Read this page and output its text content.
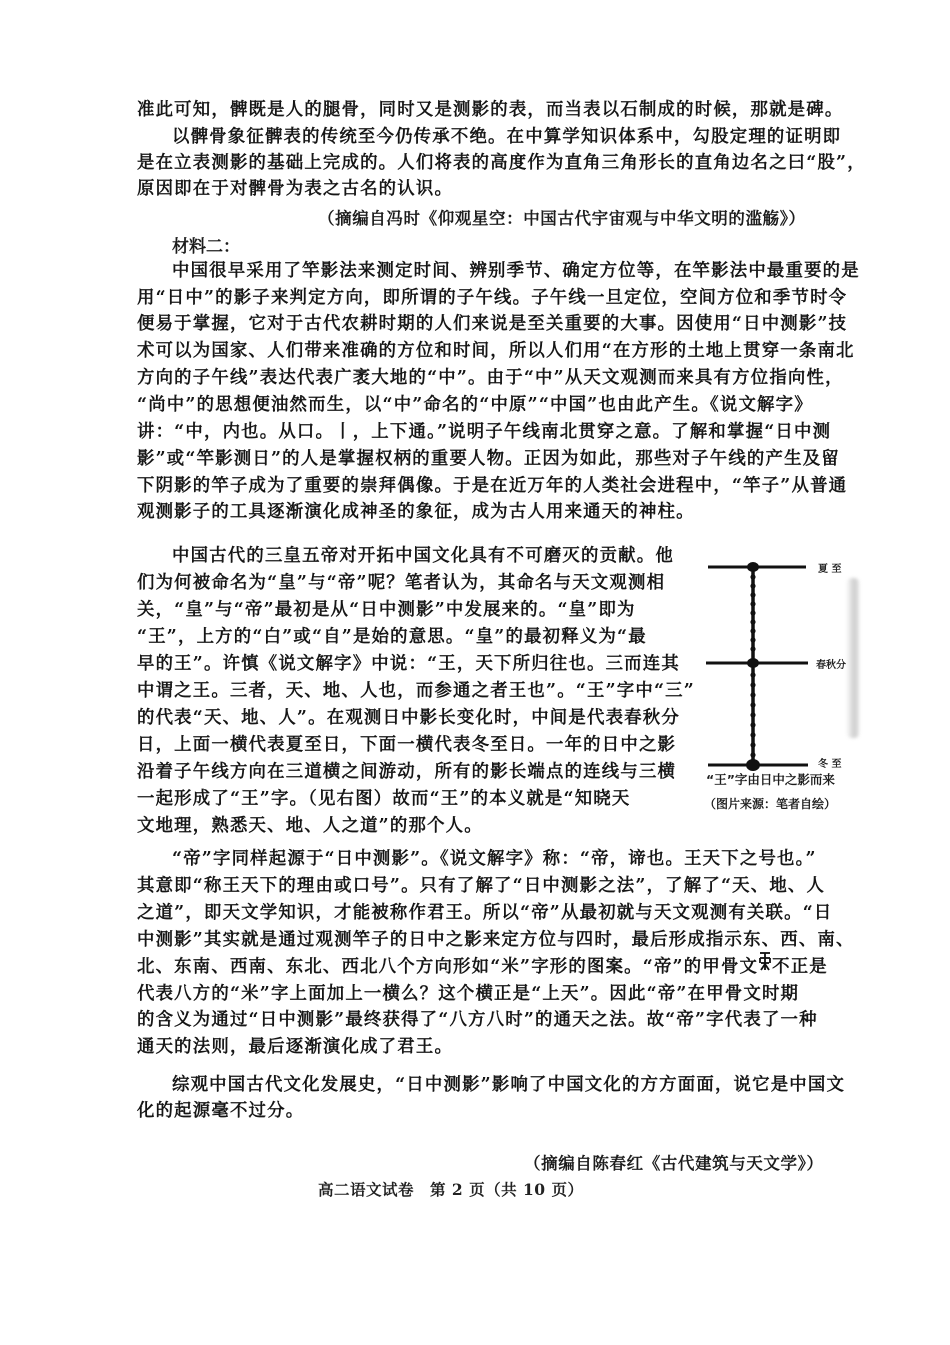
准此可知，髀既是人的腿骨，同时又是测影的表，而当表以石制成的时候，那就是碑。
以髀骨象征髀表的传统至今仍传承不绝。在中算学知识体系中，勾股定理的证明即
是在立表测影的基础上完成的。人们将表的高度作为直角三角形长的直角边名之曰“股”，
原因即在于对髀骨为表之古名的认识。
（摘编自冯时《仰观星空：中国古代宇宙观与中华文明的滥觞》）
材料二：
中国很早采用了竿影法来测定时间、辨别季节、确定方位等，在竿影法中最重要的是
用“日中”的影子来判定方向，即所谓的子午线。子午线一旦定位，空间方位和季节时令
便易于掌握，它对于古代农耕时期的人们来说是至关重要的大事。因使用“日中测影”技
术可以为国家、人们带来准确的方位和时间，所以人们用“在方形的土地上贯穿一条南北
方向的子午线”表达代表广袤大地的“中”。由于“中”从天文观测而来具有方位指向性，
“尚中”的思想便油然而生，以“中”命名的“中原”“中国”也由此产生。《说文解字》
讲：“中，内也。从口。丨，上下通。”说明子午线南北贯穿之意。了解和掌握“日中测
影”或“竿影测日”的人是掌握权柄的重要人物。正因为如此，那些对子午线的产生及留
下阴影的竿子成为了重要的崇拜偶像。于是在近万年的人类社会进程中，“竿子”从普通
观测影子的工具逐渐演化成神圣的象征，成为古人用来通天的神柱。
中国古代的三皇五帝对开拓中国文化具有不可磨灭的贡献。他
们为何被命名为“皇”与“帝”呢？笔者认为，其命名与天文观测相
关，“皇”与“帝”最初是从“日中测影”中发展来的。“皇”即为
“王”，上方的“白”或“自”是始的意思。“皇”的最初释义为“最
早的王”。许慎《说文解字》中说：“王，天下所归往也。三而连其
中谓之王。三者，天、地、人也，而参通之者王也”。“王”字中“三”
的代表“天、地、人”。在观测日中影长变化时，中间是代表春秋分
日，上面一横代表夏至日，下面一横代表冬至日。一年的日中之影
沿着子午线方向在三道横之间游动，所有的影长端点的连线与三横
一起形成了“王”字。（见右图）故而“王”的本义就是“知晓天
文地理，熟悉天、地、人之道”的那个人。
夏 至
春秋分
冬 至
“王”字由日中之影而来
（图片来源：笔者自绘）
“帝”字同样起源于“日中测影”。《说文解字》称：“帝，谛也。王天下之号也。”
其意即“称王天下的理由或口号”。只有了解了“日中测影之法”，了解了“天、地、人
之道”，即天文学知识，才能被称作君王。所以“帝”从最初就与天文观测有关联。“日
中测影”其实就是通过观测竿子的日中之影来定方位与四时，最后形成指示东、西、南、
北、东南、西南、东北、西北八个方向形如“米”字形的图案。“帝”的甲骨文 不正是
代表八方的“米”字上面加上一横么？这个横正是“上天”。因此“帝”在甲骨文时期
的含义为通过“日中测影”最终获得了“八方八时”的通天之法。故“帝”字代表了一种
通天的法则，最后逐渐演化成了君王。
综观中国古代文化发展史，“日中测影”影响了中国文化的方方面面，说它是中国文
化的起源毫不过分。
（摘编自陈春红《古代建筑与天文学》）
高二语文试卷　第 2 页（共 10 页）
